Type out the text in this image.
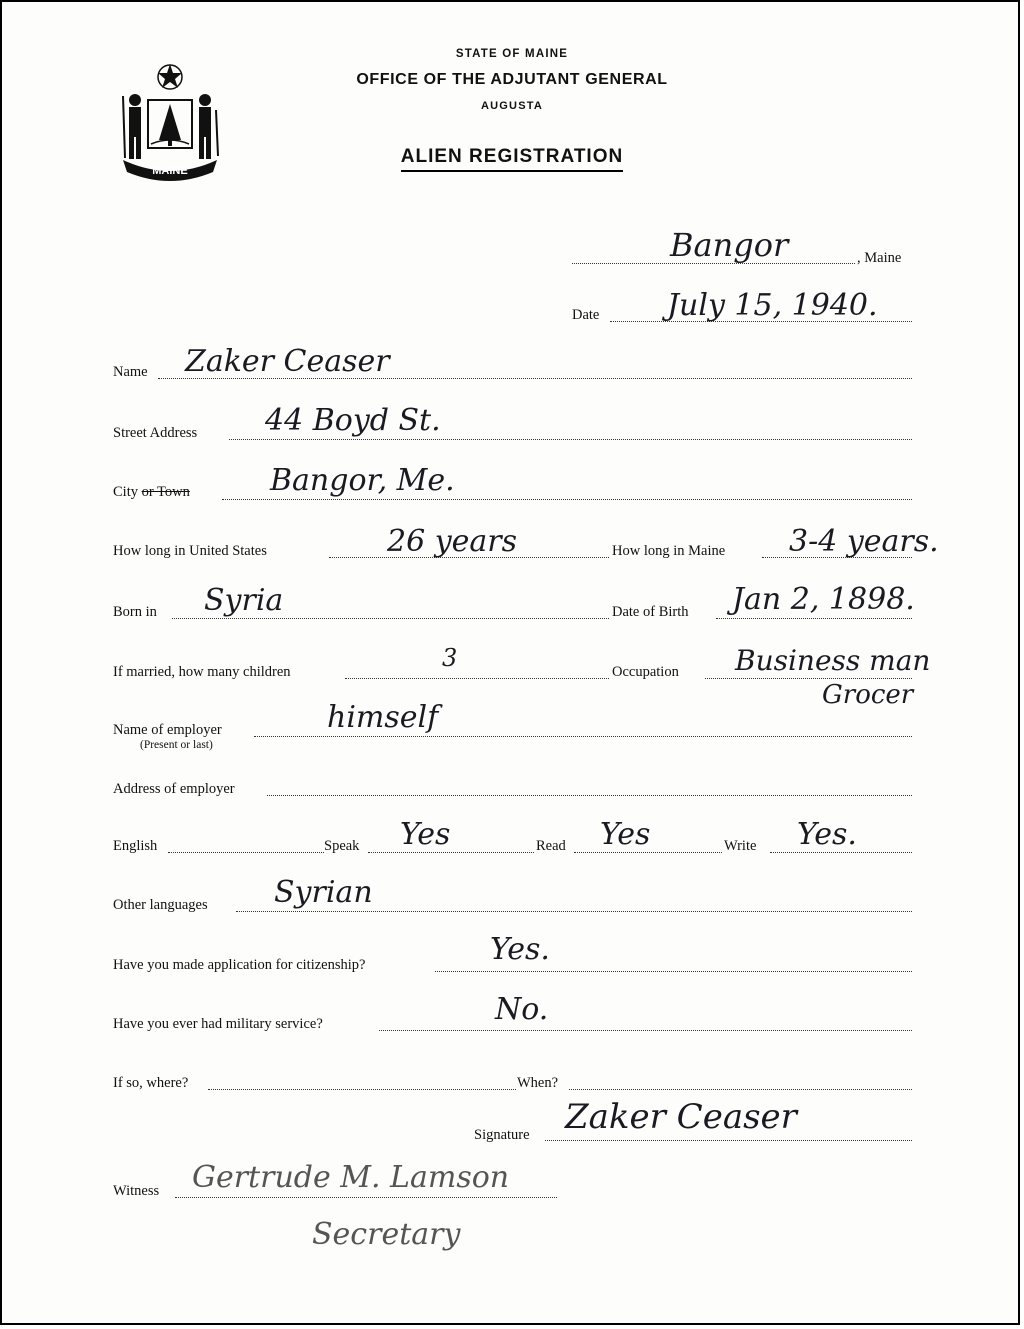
MAINE
STATE OF MAINE
OFFICE OF THE ADJUTANT GENERAL
AUGUSTA
ALIEN REGISTRATION
Bangor	, Maine
Date July 15, 1940.
Name Zaker Ceaser
Street Address 44 Boyd St.
City or Town	Bangor, Me.
How long in United States	26 years	How long in Maine 3-4 years.
Born in Syria	Date of Birth Jan 2, 1898.
If married, how many children	3	Occupation Business man
Grocer
Name of employer
(Present or last)
himself
Address of employer
English	Speak Yes	Read Yes	Write Yes.
Other languages Syrian
Have you made application for citizenship?	Yes.
Have you ever had military service?	No.
If so, where?	When?
Signature Zaker Ceaser
Witness Gertrude M. Lamson
Secretary
